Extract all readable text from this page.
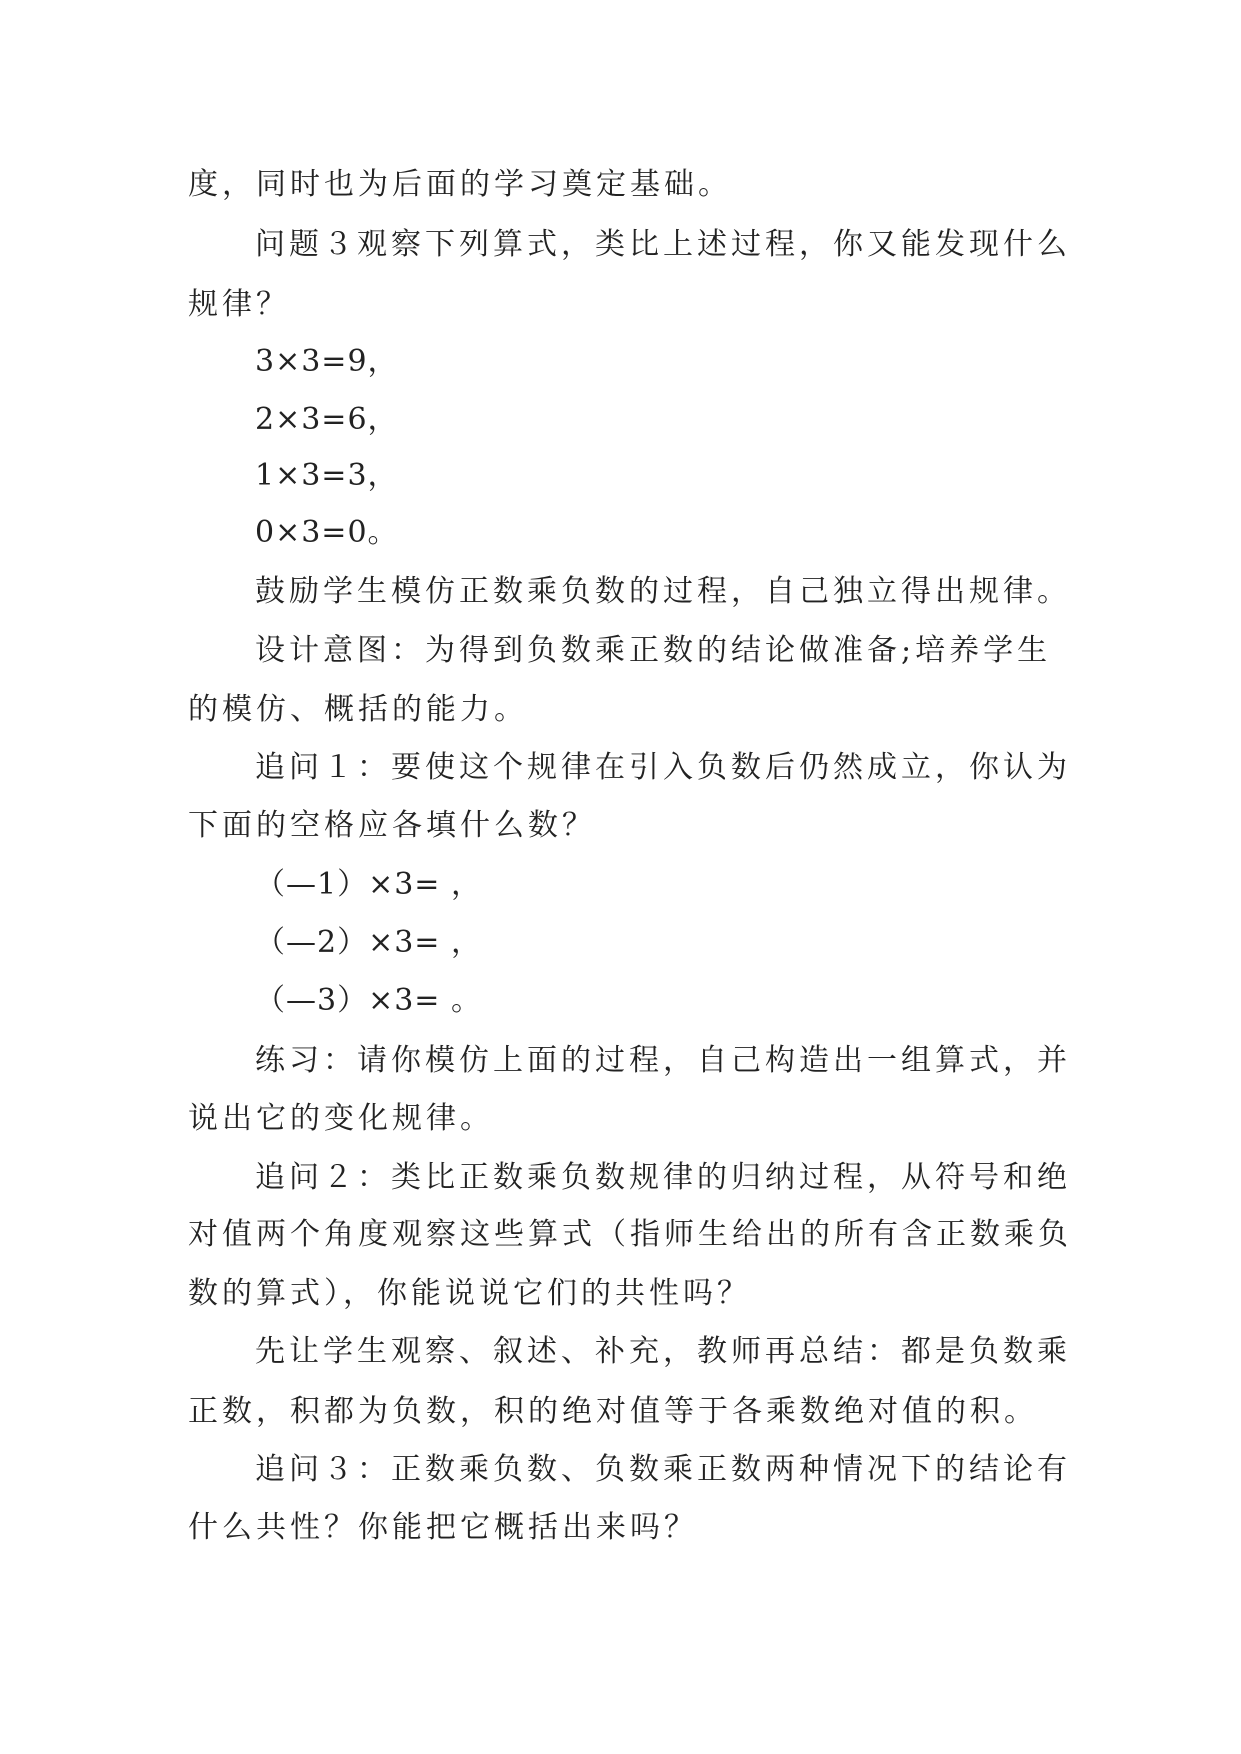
度，同时也为后面的学习奠定基础。
问题３观察下列算式，类比上述过程，你又能发现什么
规律？
3×3=9，
2×3=6，
1×3=3，
0×3=0。
鼓励学生模仿正数乘负数的过程，自己独立得出规律。
设计意图：为得到负数乘正数的结论做准备;培养学生
的模仿、概括的能力。
追问１：要使这个规律在引入负数后仍然成立，你认为
下面的空格应各填什么数？
（—1）×3= ，
（—2）×3= ，
（—3）×3= 。
练习：请你模仿上面的过程，自己构造出一组算式，并
说出它的变化规律。
追问２：类比正数乘负数规律的归纳过程，从符号和绝
对值两个角度观察这些算式（指师生给出的所有含正数乘负
数的算式），你能说说它们的共性吗？
先让学生观察、叙述、补充，教师再总结：都是负数乘
正数，积都为负数，积的绝对值等于各乘数绝对值的积。
追问３：正数乘负数、负数乘正数两种情况下的结论有
什么共性？你能把它概括出来吗？
